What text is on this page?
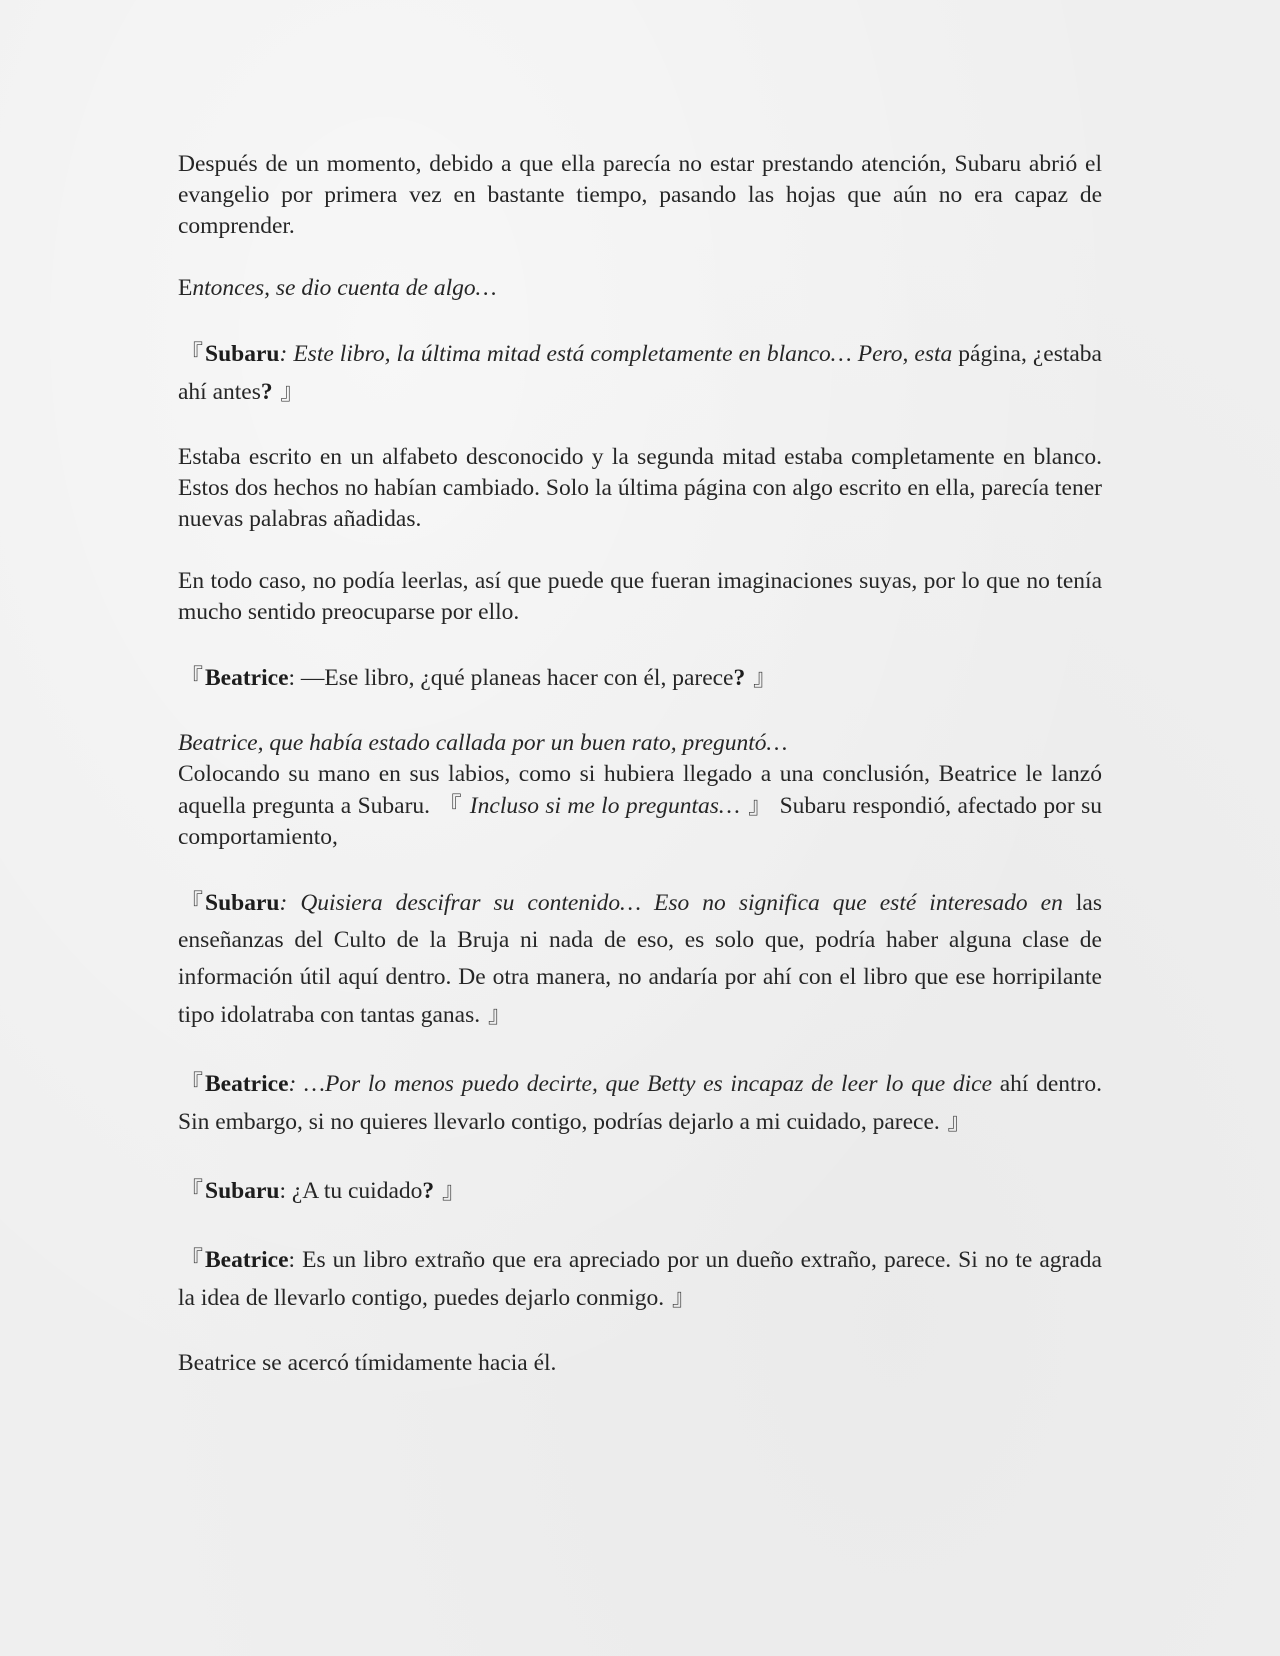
Después de un momento, debido a que ella parecía no estar prestando atención, Subaru abrió el evangelio por primera vez en bastante tiempo, pasando las hojas que aún no era capaz de comprender.

Entonces, se dio cuenta de algo…

『Subaru: Este libro, la última mitad está completamente en blanco… Pero, esta página, ¿estaba ahí antes? 』

Estaba escrito en un alfabeto desconocido y la segunda mitad estaba completamente en blanco. Estos dos hechos no habían cambiado. Solo la última página con algo escrito en ella, parecía tener nuevas palabras añadidas.

En todo caso, no podía leerlas, así que puede que fueran imaginaciones suyas, por lo que no tenía mucho sentido preocuparse por ello.

『Beatrice: —Ese libro, ¿qué planeas hacer con él, parece? 』

Beatrice, que había estado callada por un buen rato, preguntó…

Colocando su mano en sus labios, como si hubiera llegado a una conclusión, Beatrice le lanzó aquella pregunta a Subaru. 『 Incluso si me lo preguntas… 』 Subaru respondió, afectado por su comportamiento,

『Subaru: Quisiera descifrar su contenido… Eso no significa que esté interesado en las enseñanzas del Culto de la Bruja ni nada de eso, es solo que, podría haber alguna clase de información útil aquí dentro. De otra manera, no andaría por ahí con el libro que ese horripilante tipo idolatraba con tantas ganas. 』

『Beatrice: …Por lo menos puedo decirte, que Betty es incapaz de leer lo que dice ahí dentro. Sin embargo, si no quieres llevarlo contigo, podrías dejarlo a mi cuidado, parece. 』

『Subaru: ¿A tu cuidado? 』

『Beatrice: Es un libro extraño que era apreciado por un dueño extraño, parece. Si no te agrada la idea de llevarlo contigo, puedes dejarlo conmigo. 』

Beatrice se acercó tímidamente hacia él.
